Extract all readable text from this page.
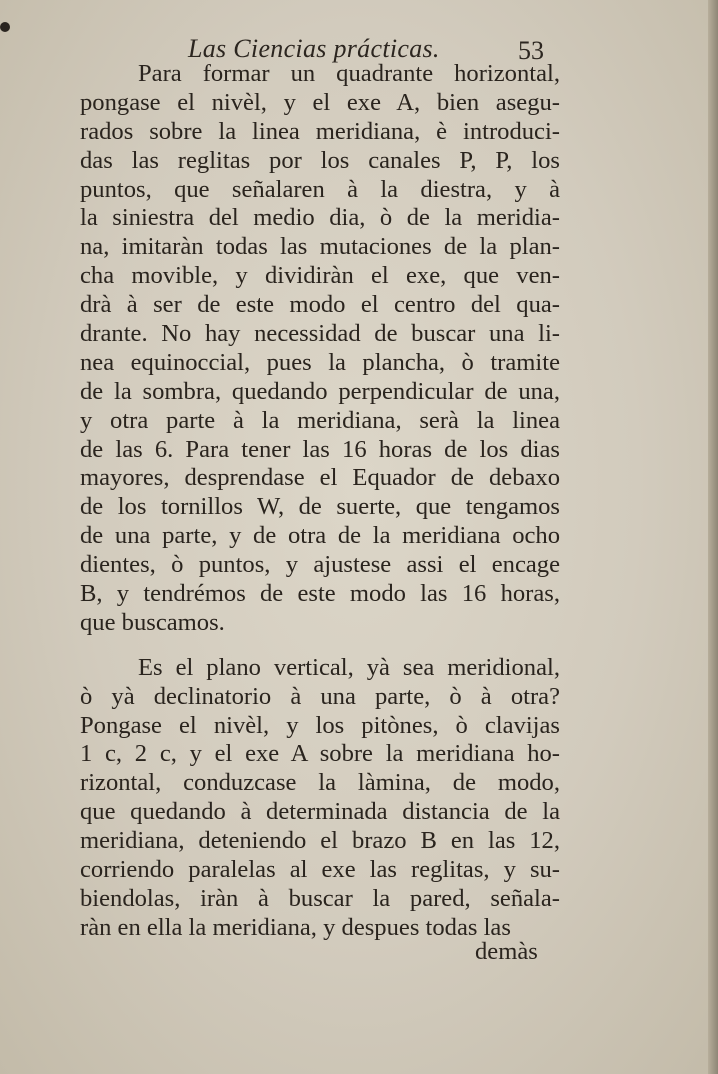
Las Ciencias prácticas.	53
Para formar un quadrante horizontal,
pongase el nivèl, y el exe A, bien asegu-
rados sobre la linea meridiana, è introduci-
das las reglitas por los canales P, P, los
puntos, que señalaren à la diestra, y à
la siniestra del medio dia, ò de la meridia-
na, imitaràn todas las mutaciones de la plan-
cha movible, y dividiràn el exe, que ven-
drà à ser de este modo el centro del qua-
drante. No hay necessidad de buscar una li-
nea equinoccial, pues la plancha, ò tramite
de la sombra, quedando perpendicular de una,
y otra parte à la meridiana, serà la linea
de las 6. Para tener las 16 horas de los dias
mayores, desprendase el Equador de debaxo
de los tornillos W, de suerte, que tengamos
de una parte, y de otra de la meridiana ocho
dientes, ò puntos, y ajustese assi el encage
B, y tendrémos de este modo las 16 horas,
que buscamos.
Es el plano vertical, yà sea meridional,
ò yà declinatorio à una parte, ò à otra?
Pongase el nivèl, y los pitònes, ò clavijas
1 c, 2 c, y el exe A sobre la meridiana ho-
rizontal, conduzcase la làmina, de modo,
que quedando à determinada distancia de la
meridiana, deteniendo el brazo B en las 12,
corriendo paralelas al exe las reglitas, y su-
biendolas, iràn à buscar la pared, señala-
ràn en ella la meridiana, y despues todas las
demàs
